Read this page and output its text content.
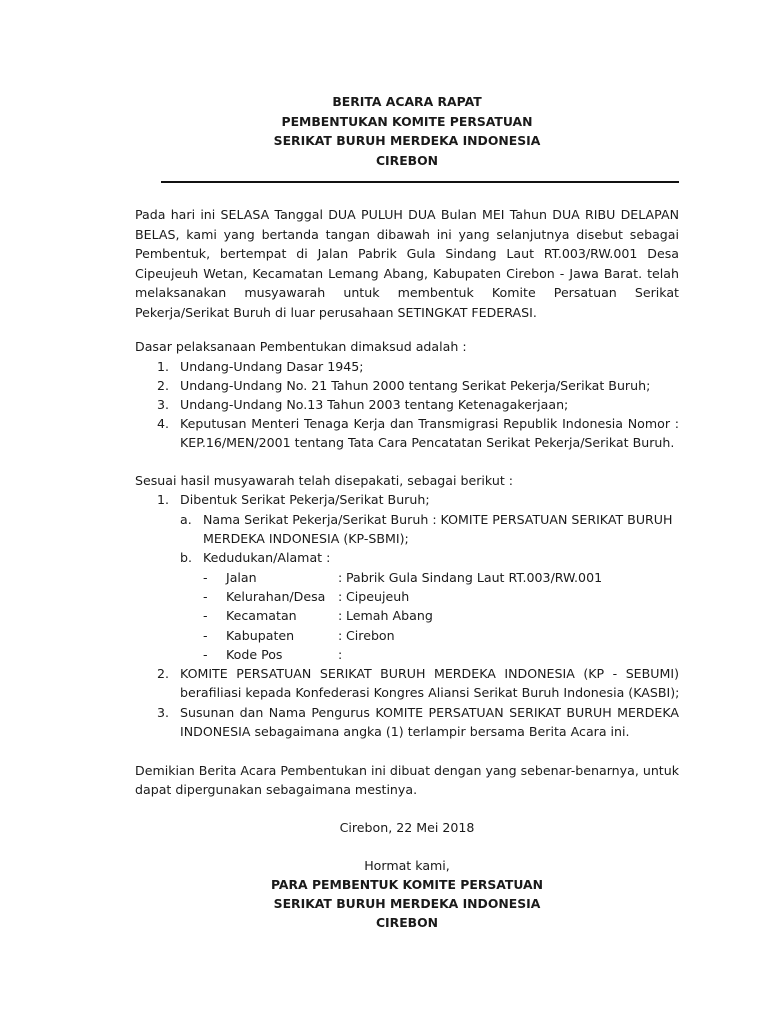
BERITA ACARA RAPAT
PEMBENTUKAN KOMITE PERSATUAN
SERIKAT BURUH MERDEKA INDONESIA
CIREBON
Pada hari ini SELASA Tanggal DUA PULUH DUA Bulan MEI Tahun DUA RIBU DELAPAN
BELAS, kami yang bertanda tangan dibawah ini yang selanjutnya disebut sebagai
Pembentuk, bertempat di Jalan Pabrik Gula Sindang Laut RT.003/RW.001 Desa
Cipeujeuh Wetan, Kecamatan Lemang Abang, Kabupaten Cirebon - Jawa Barat. telah
melaksanakan musyawarah untuk membentuk Komite Persatuan Serikat
Pekerja/Serikat Buruh di luar perusahaan SETINGKAT FEDERASI.
Dasar pelaksanaan Pembentukan dimaksud adalah :
1. Undang-Undang Dasar 1945;
2. Undang-Undang No. 21 Tahun 2000 tentang Serikat Pekerja/Serikat Buruh;
3. Undang-Undang No.13 Tahun 2003 tentang Ketenagakerjaan;
4. Keputusan Menteri Tenaga Kerja dan Transmigrasi Republik Indonesia Nomor :
KEP.16/MEN/2001 tentang Tata Cara Pencatatan Serikat Pekerja/Serikat Buruh.
Sesuai hasil musyawarah telah disepakati, sebagai berikut :
1. Dibentuk Serikat Pekerja/Serikat Buruh;
a. Nama Serikat Pekerja/Serikat Buruh : KOMITE PERSATUAN SERIKAT BURUH
MERDEKA INDONESIA (KP-SBMI);
b. Kedudukan/Alamat :
- Jalan	: Pabrik Gula Sindang Laut RT.003/RW.001
- Kelurahan/Desa : Cipeujeuh
- Kecamatan	: Lemah Abang
- Kabupaten	: Cirebon
- Kode Pos	:
2. KOMITE PERSATUAN SERIKAT BURUH MERDEKA INDONESIA (KP - SEBUMI)
berafiliasi kepada Konfederasi Kongres Aliansi Serikat Buruh Indonesia (KASBI);
3. Susunan dan Nama Pengurus KOMITE PERSATUAN SERIKAT BURUH MERDEKA
INDONESIA sebagaimana angka (1) terlampir bersama Berita Acara ini.
Demikian Berita Acara Pembentukan ini dibuat dengan yang sebenar-benarnya, untuk
dapat dipergunakan sebagaimana mestinya.
Cirebon, 22 Mei 2018
Hormat kami,
PARA PEMBENTUK KOMITE PERSATUAN
SERIKAT BURUH MERDEKA INDONESIA
CIREBON
